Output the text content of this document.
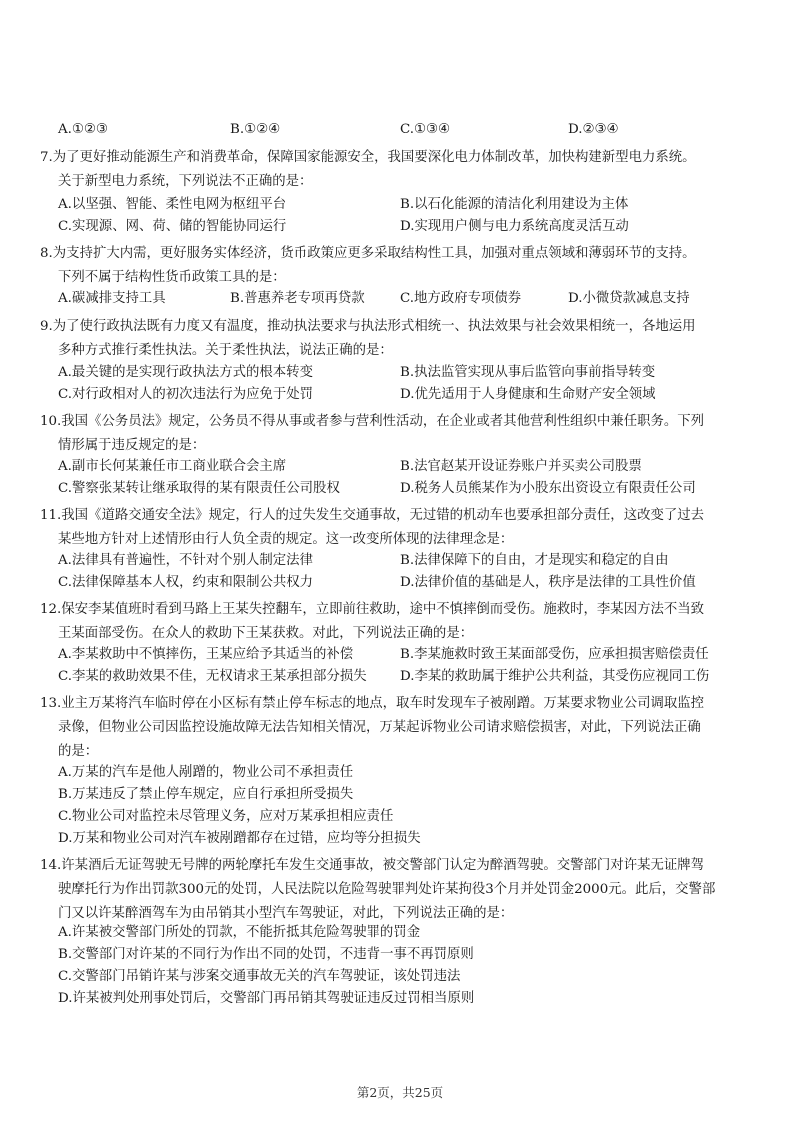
A.①②③	B.①②④	C.①③④	D.②③④
7.为了更好推动能源生产和消费革命，保障国家能源安全，我国要深化电力体制改革，加快构建新型电力系统。
关于新型电力系统，下列说法不正确的是：
A.以坚强、智能、柔性电网为枢纽平台	B.以石化能源的清洁化利用建设为主体
C.实现源、网、荷、储的智能协同运行	D.实现用户侧与电力系统高度灵活互动
8.为支持扩大内需，更好服务实体经济，货币政策应更多采取结构性工具，加强对重点领域和薄弱环节的支持。
下列不属于结构性货币政策工具的是：
A.碳减排支持工具	B.普惠养老专项再贷款	C.地方政府专项债券	D.小微贷款减息支持
9.为了使行政执法既有力度又有温度，推动执法要求与执法形式相统一、执法效果与社会效果相统一，各地运用
多种方式推行柔性执法。关于柔性执法，说法正确的是：
A.最关键的是实现行政执法方式的根本转变	B.执法监管实现从事后监管向事前指导转变
C.对行政相对人的初次违法行为应免于处罚	D.优先适用于人身健康和生命财产安全领域
10.我国《公务员法》规定，公务员不得从事或者参与营利性活动，在企业或者其他营利性组织中兼任职务。下列
情形属于违反规定的是：
A.副市长何某兼任市工商业联合会主席	B.法官赵某开设证券账户并买卖公司股票
C.警察张某转让继承取得的某有限责任公司股权	D.税务人员熊某作为小股东出资设立有限责任公司
11.我国《道路交通安全法》规定，行人的过失发生交通事故，无过错的机动车也要承担部分责任，这改变了过去
某些地方针对上述情形由行人负全责的规定。这一改变所体现的法律理念是：
A.法律具有普遍性，不针对个别人制定法律	B.法律保障下的自由，才是现实和稳定的自由
C.法律保障基本人权，约束和限制公共权力	D.法律价值的基础是人，秩序是法律的工具性价值
12.保安李某值班时看到马路上王某失控翻车，立即前往救助，途中不慎摔倒而受伤。施救时，李某因方法不当致
王某面部受伤。在众人的救助下王某获救。对此，下列说法正确的是：
A.李某救助中不慎摔伤，王某应给予其适当的补偿	B.李某施救时致王某面部受伤，应承担损害赔偿责任
C.李某的救助效果不佳，无权请求王某承担部分损失 D.李某的救助属于维护公共利益，其受伤应视同工伤
13.业主万某将汽车临时停在小区标有禁止停车标志的地点，取车时发现车子被剐蹭。万某要求物业公司调取监控
录像，但物业公司因监控设施故障无法告知相关情况，万某起诉物业公司请求赔偿损害，对此，下列说法正确
的是：
A.万某的汽车是他人剐蹭的，物业公司不承担责任
B.万某违反了禁止停车规定，应自行承担所受损失
C.物业公司对监控未尽管理义务，应对万某承担相应责任
D.万某和物业公司对汽车被剐蹭都存在过错，应均等分担损失
14.许某酒后无证驾驶无号牌的两轮摩托车发生交通事故，被交警部门认定为醉酒驾驶。交警部门对许某无证牌驾
驶摩托行为作出罚款300元的处罚，人民法院以危险驾驶罪判处许某拘役3个月并处罚金2000元。此后，交警部
门又以许某醉酒驾车为由吊销其小型汽车驾驶证，对此，下列说法正确的是：
A.许某被交警部门所处的罚款，不能折抵其危险驾驶罪的罚金
B.交警部门对许某的不同行为作出不同的处罚，不违背一事不再罚原则
C.交警部门吊销许某与涉案交通事故无关的汽车驾驶证，该处罚违法
D.许某被判处刑事处罚后，交警部门再吊销其驾驶证违反过罚相当原则
第2页，共25页
